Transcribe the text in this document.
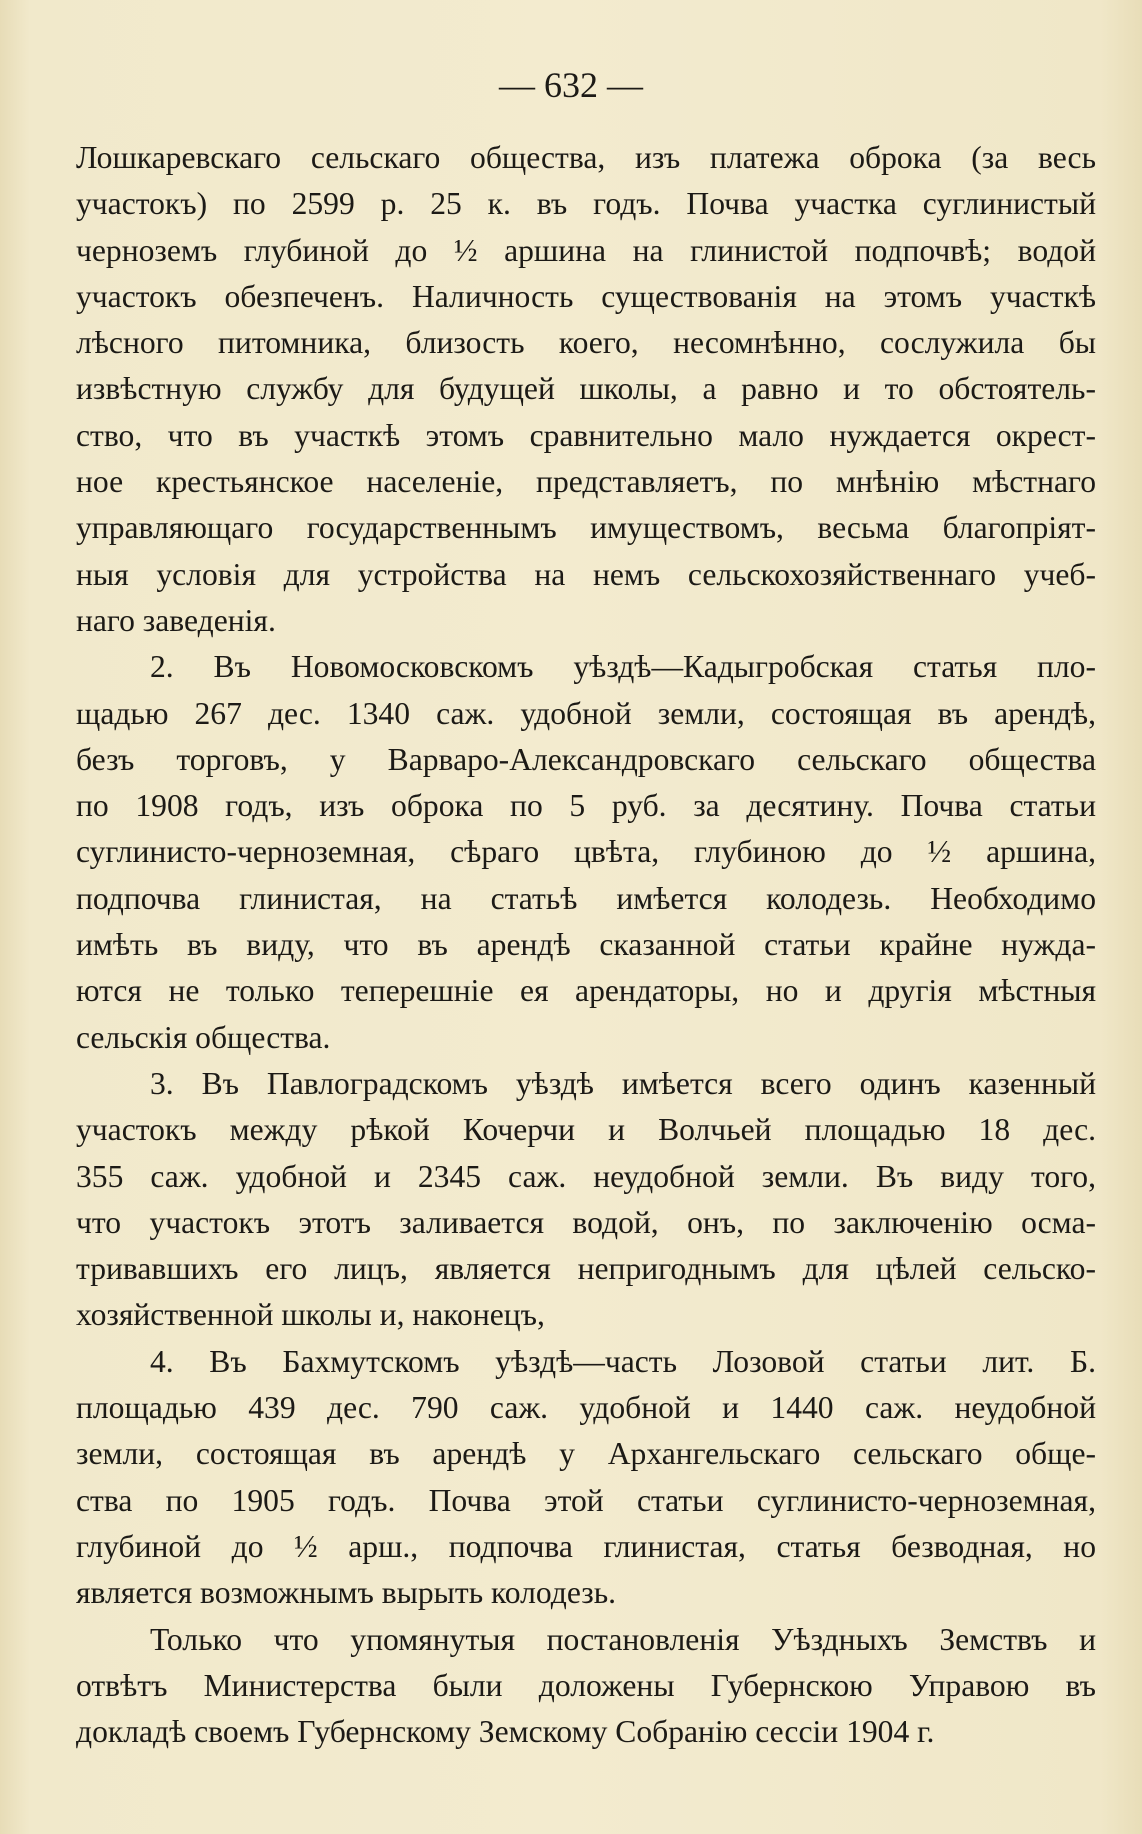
— 632 —

Лошкаревскаго сельскаго общества, изъ платежа оброка (за весь
участокъ) по 2599 р. 25 к. въ годъ. Почва участка суглинистый
черноземъ глубиной до ½ аршина на глинистой подпочвѣ; водой
участокъ обезпеченъ. Наличность существованія на этомъ участкѣ
лѣсного питомника, близость коего, несомнѣнно, сослужила бы
извѣстную службу для будущей школы, а равно и то обстоятель-
ство, что въ участкѣ этомъ сравнительно мало нуждается окрест-
ное крестьянское населеніе, представляетъ, по мнѣнію мѣстнаго
управляющаго государственнымъ имуществомъ, весьма благопріят-
ныя условія для устройства на немъ сельскохозяйственнаго учеб-
наго заведенія.

2. Въ Новомосковскомъ уѣздѣ—Кадыгробская статья пло-
щадью 267 дес. 1340 саж. удобной земли, состоящая въ арендѣ,
безъ торговъ, у Варваро-Александровскаго сельскаго общества
по 1908 годъ, изъ оброка по 5 руб. за десятину. Почва статьи
суглинисто-черноземная, сѣраго цвѣта, глубиною до ½ аршина,
подпочва глинистая, на статьѣ имѣется колодезь. Необходимо
имѣть въ виду, что въ арендѣ сказанной статьи крайне нужда-
ются не только теперешніе ея арендаторы, но и другія мѣстныя
сельскія общества.

3. Въ Павлоградскомъ уѣздѣ имѣется всего одинъ казенный
участокъ между рѣкой Кочерчи и Волчьей площадью 18 дес.
355 саж. удобной и 2345 саж. неудобной земли. Въ виду того,
что участокъ этотъ заливается водой, онъ, по заключенію осма-
тривавшихъ его лицъ, является непригоднымъ для цѣлей сельско-
хозяйственной школы и, наконецъ,

4. Въ Бахмутскомъ уѣздѣ—часть Лозовой статьи лит. Б.
площадью 439 дес. 790 саж. удобной и 1440 саж. неудобной
земли, состоящая въ арендѣ у Архангельскаго сельскаго обще-
ства по 1905 годъ. Почва этой статьи суглинисто-черноземная,
глубиной до ½ арш., подпочва глинистая, статья безводная, но
является возможнымъ вырыть колодезь.

Только что упомянутыя постановленія Уѣздныхъ Земствъ и
отвѣтъ Министерства были доложены Губернскою Управою въ
докладѣ своемъ Губернскому Земскому Собранію сессіи 1904 г.
